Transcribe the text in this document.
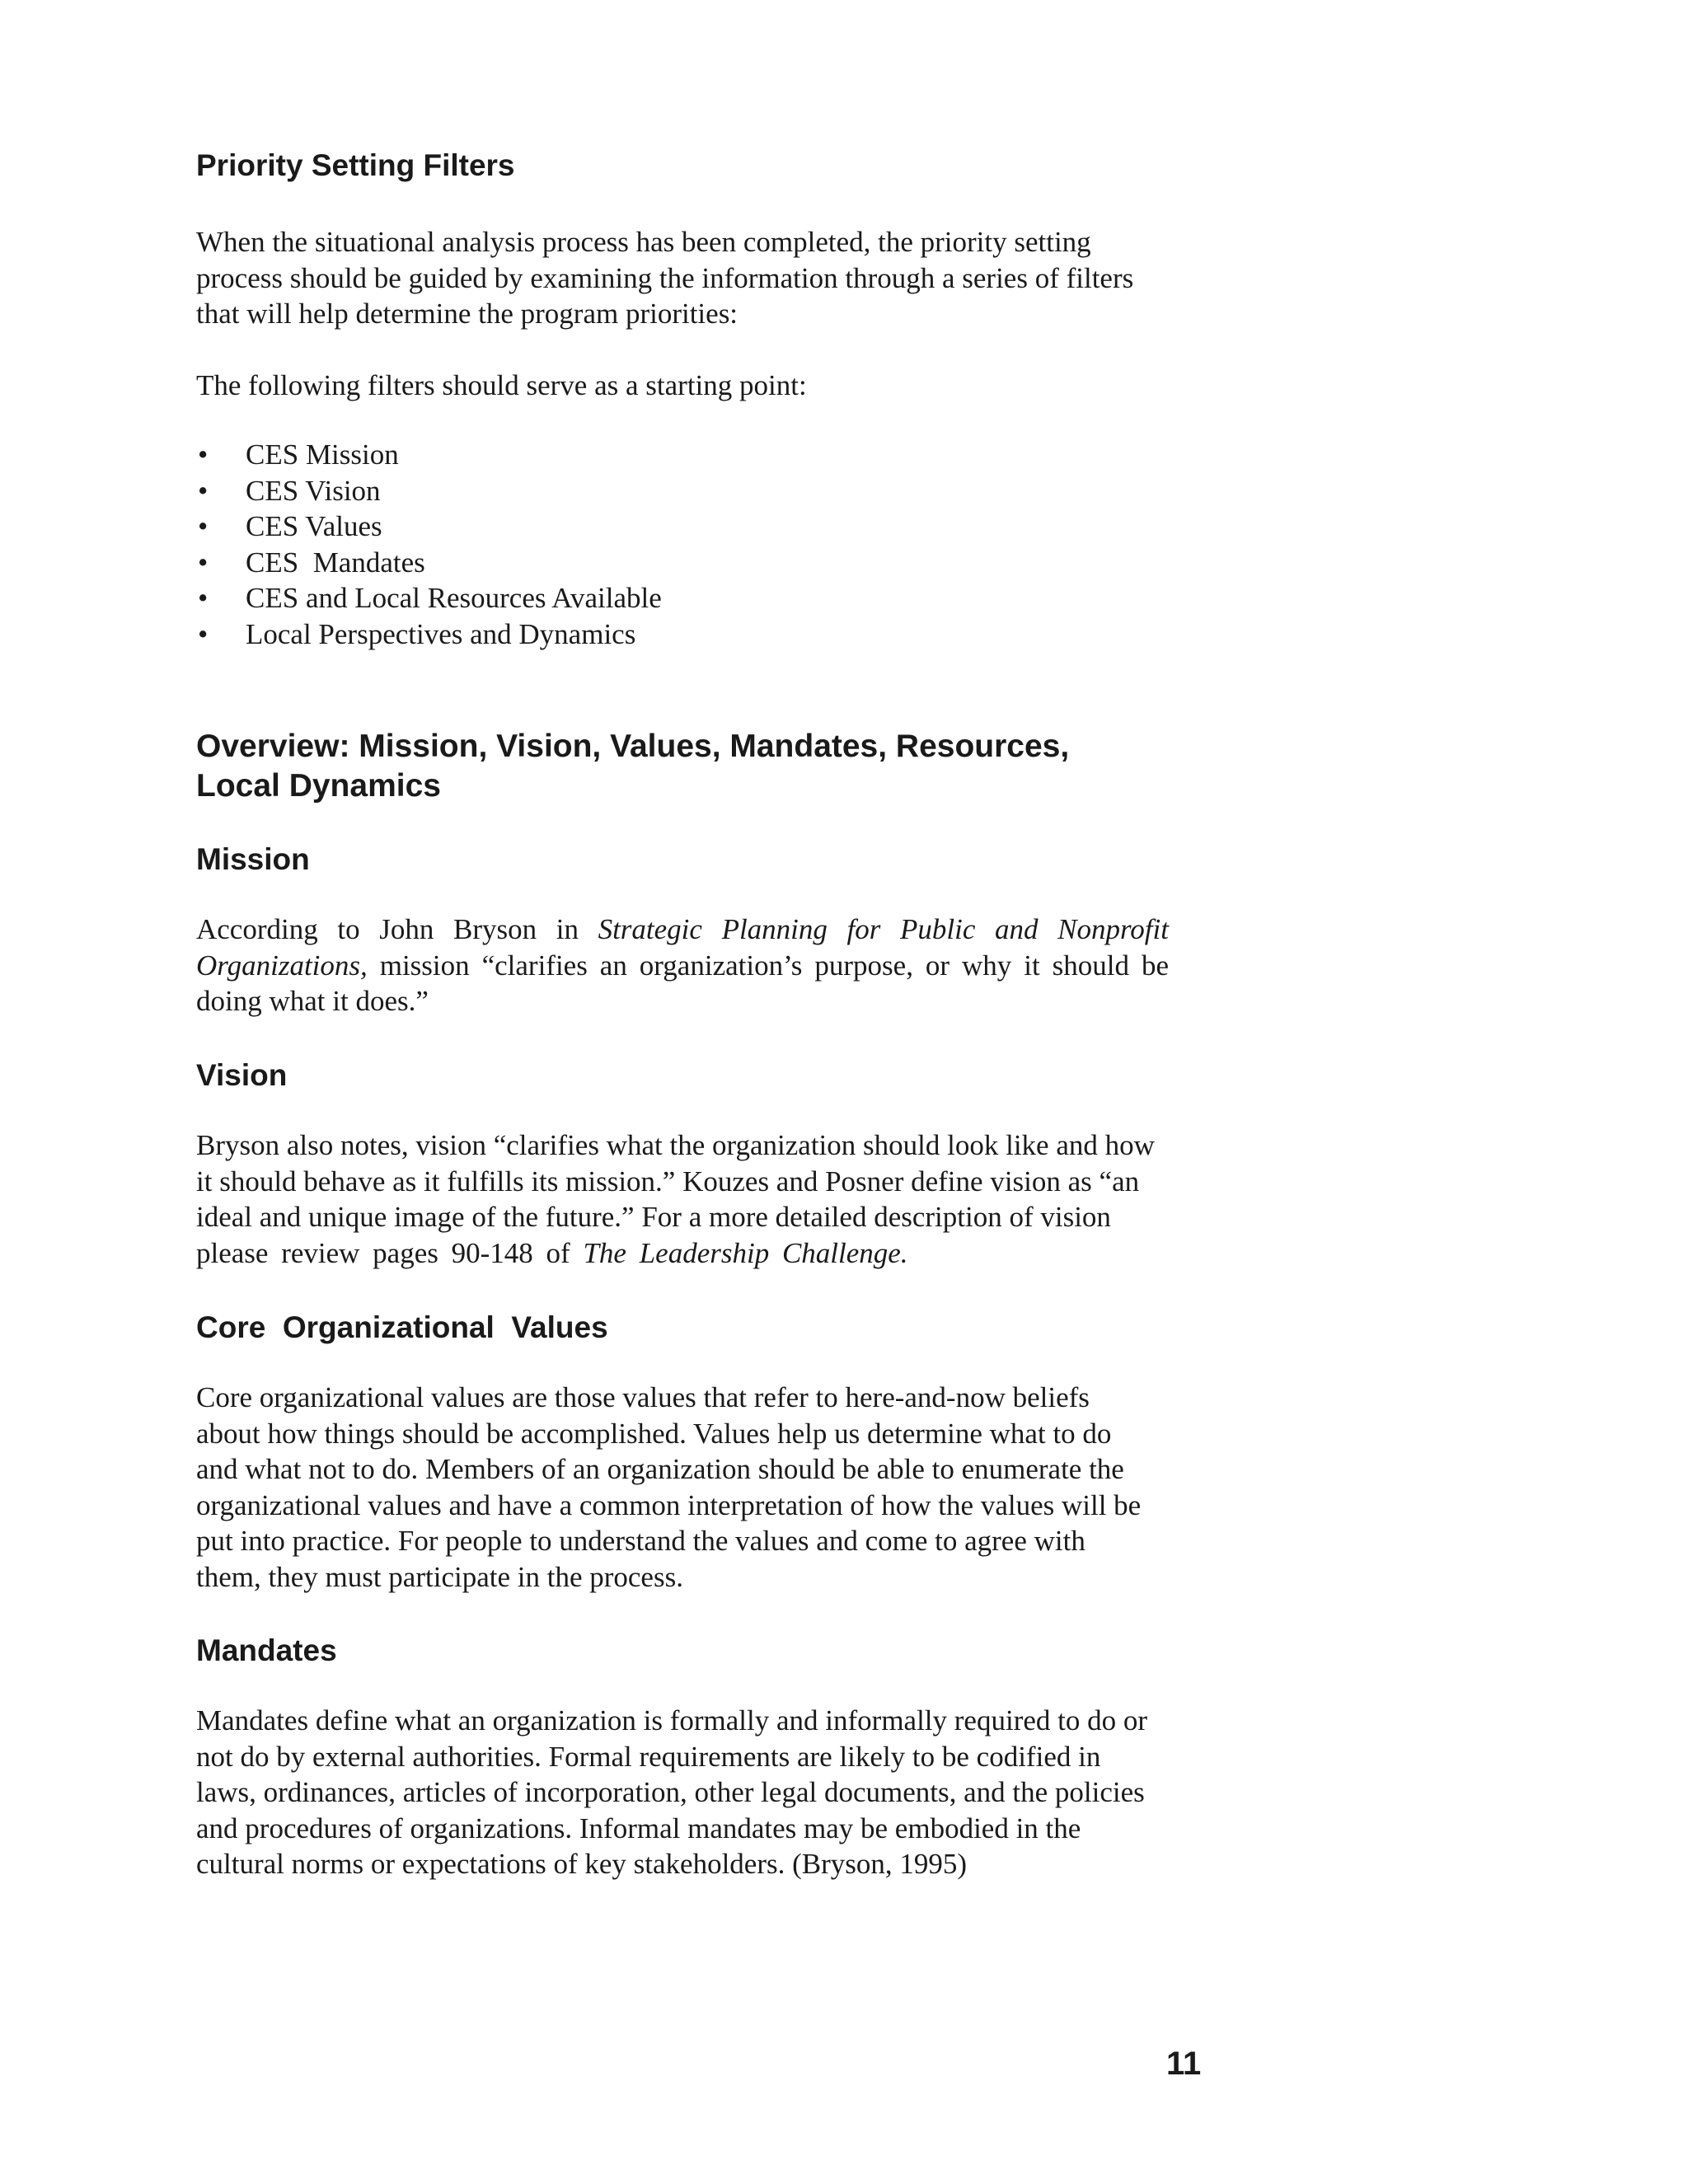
Priority Setting Filters

When the situational analysis process has been completed, the priority setting
process should be guided by examining the information through a series of filters
that will help determine the program priorities:

The following filters should serve as a starting point:

• CES Mission
• CES Vision
• CES Values
• CES  Mandates
• CES and Local Resources Available
• Local Perspectives and Dynamics
Overview: Mission, Vision, Values, Mandates, Resources,
Local Dynamics
Mission

According to John Bryson in Strategic Planning for Public and Nonprofit
Organizations, mission “clarifies an organization’s purpose, or why it should be
doing what it does.”

Vision

Bryson also notes, vision “clarifies what the organization should look like and how
it should behave as it fulfills its mission.” Kouzes and Posner define vision as “an
ideal and unique image of the future.” For a more detailed description of vision
please review pages 90-148 of The Leadership Challenge.

Core  Organizational  Values

Core organizational values are those values that refer to here-and-now beliefs
about how things should be accomplished. Values help us determine what to do
and what not to do. Members of an organization should be able to enumerate the
organizational values and have a common interpretation of how the values will be
put into practice. For people to understand the values and come to agree with
them, they must participate in the process.

Mandates

Mandates define what an organization is formally and informally required to do or
not do by external authorities. Formal requirements are likely to be codified in
laws, ordinances, articles of incorporation, other legal documents, and the policies
and procedures of organizations. Informal mandates may be embodied in the
cultural norms or expectations of key stakeholders. (Bryson, 1995)

11
